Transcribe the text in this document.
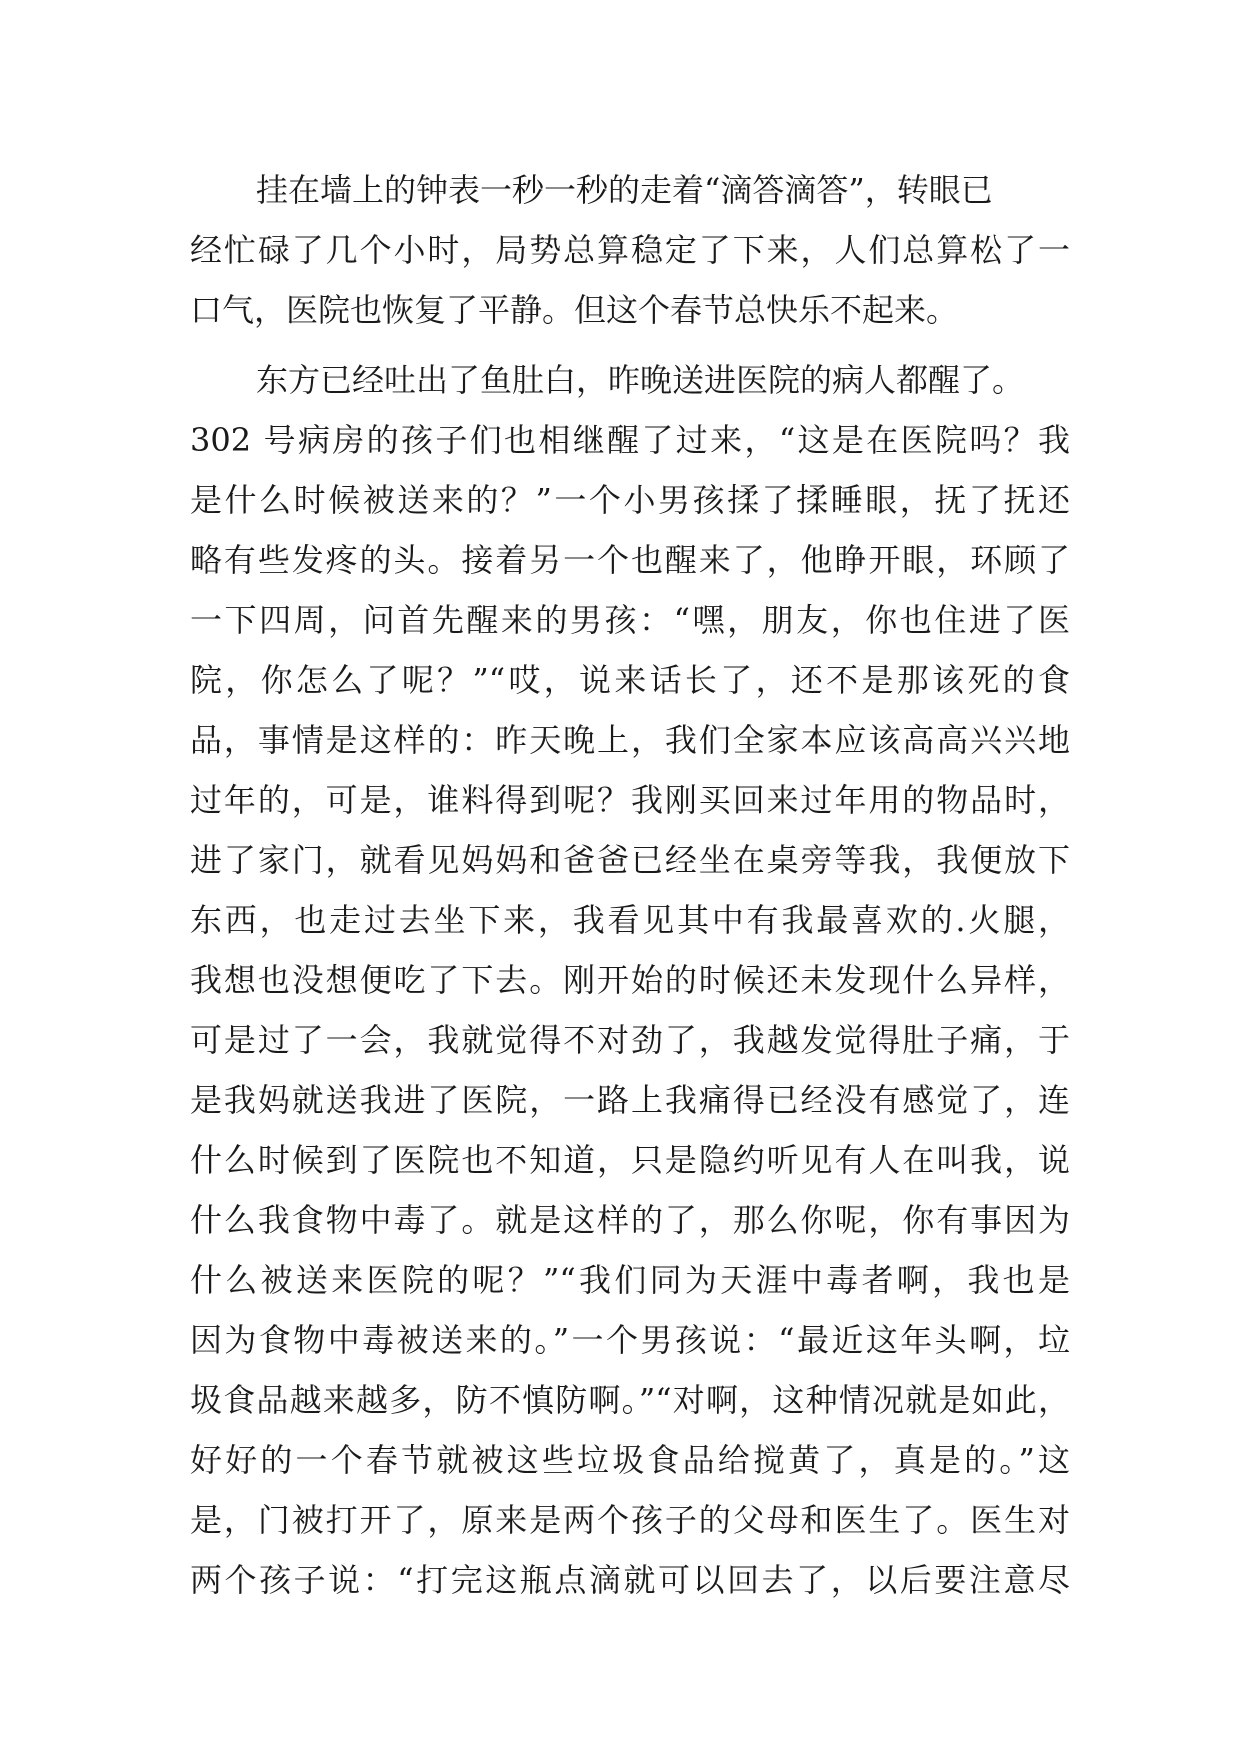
挂在墙上的钟表一秒一秒的走着“滴答滴答”，转眼已
经忙碌了几个小时，局势总算稳定了下来，人们总算松了一
口气，医院也恢复了平静。但这个春节总快乐不起来。
东方已经吐出了鱼肚白，昨晚送进医院的病人都醒了。
302 号病房的孩子们也相继醒了过来，“这是在医院吗？我
是什么时候被送来的？”一个小男孩揉了揉睡眼，抚了抚还
略有些发疼的头。接着另一个也醒来了，他睁开眼，环顾了
一下四周，问首先醒来的男孩：“嘿，朋友，你也住进了医
院，你怎么了呢？”“哎，说来话长了，还不是那该死的食
品，事情是这样的：昨天晚上，我们全家本应该高高兴兴地
过年的，可是，谁料得到呢？我刚买回来过年用的物品时，
进了家门，就看见妈妈和爸爸已经坐在桌旁等我，我便放下
东西，也走过去坐下来，我看见其中有我最喜欢的.火腿，
我想也没想便吃了下去。刚开始的时候还未发现什么异样，
可是过了一会，我就觉得不对劲了，我越发觉得肚子痛，于
是我妈就送我进了医院，一路上我痛得已经没有感觉了，连
什么时候到了医院也不知道，只是隐约听见有人在叫我，说
什么我食物中毒了。就是这样的了，那么你呢，你有事因为
什么被送来医院的呢？”“我们同为天涯中毒者啊，我也是
因为食物中毒被送来的。”一个男孩说：“最近这年头啊，垃
圾食品越来越多，防不慎防啊。”“对啊，这种情况就是如此，
好好的一个春节就被这些垃圾食品给搅黄了，真是的。”这
是，门被打开了，原来是两个孩子的父母和医生了。医生对
两个孩子说：“打完这瓶点滴就可以回去了，以后要注意尽
